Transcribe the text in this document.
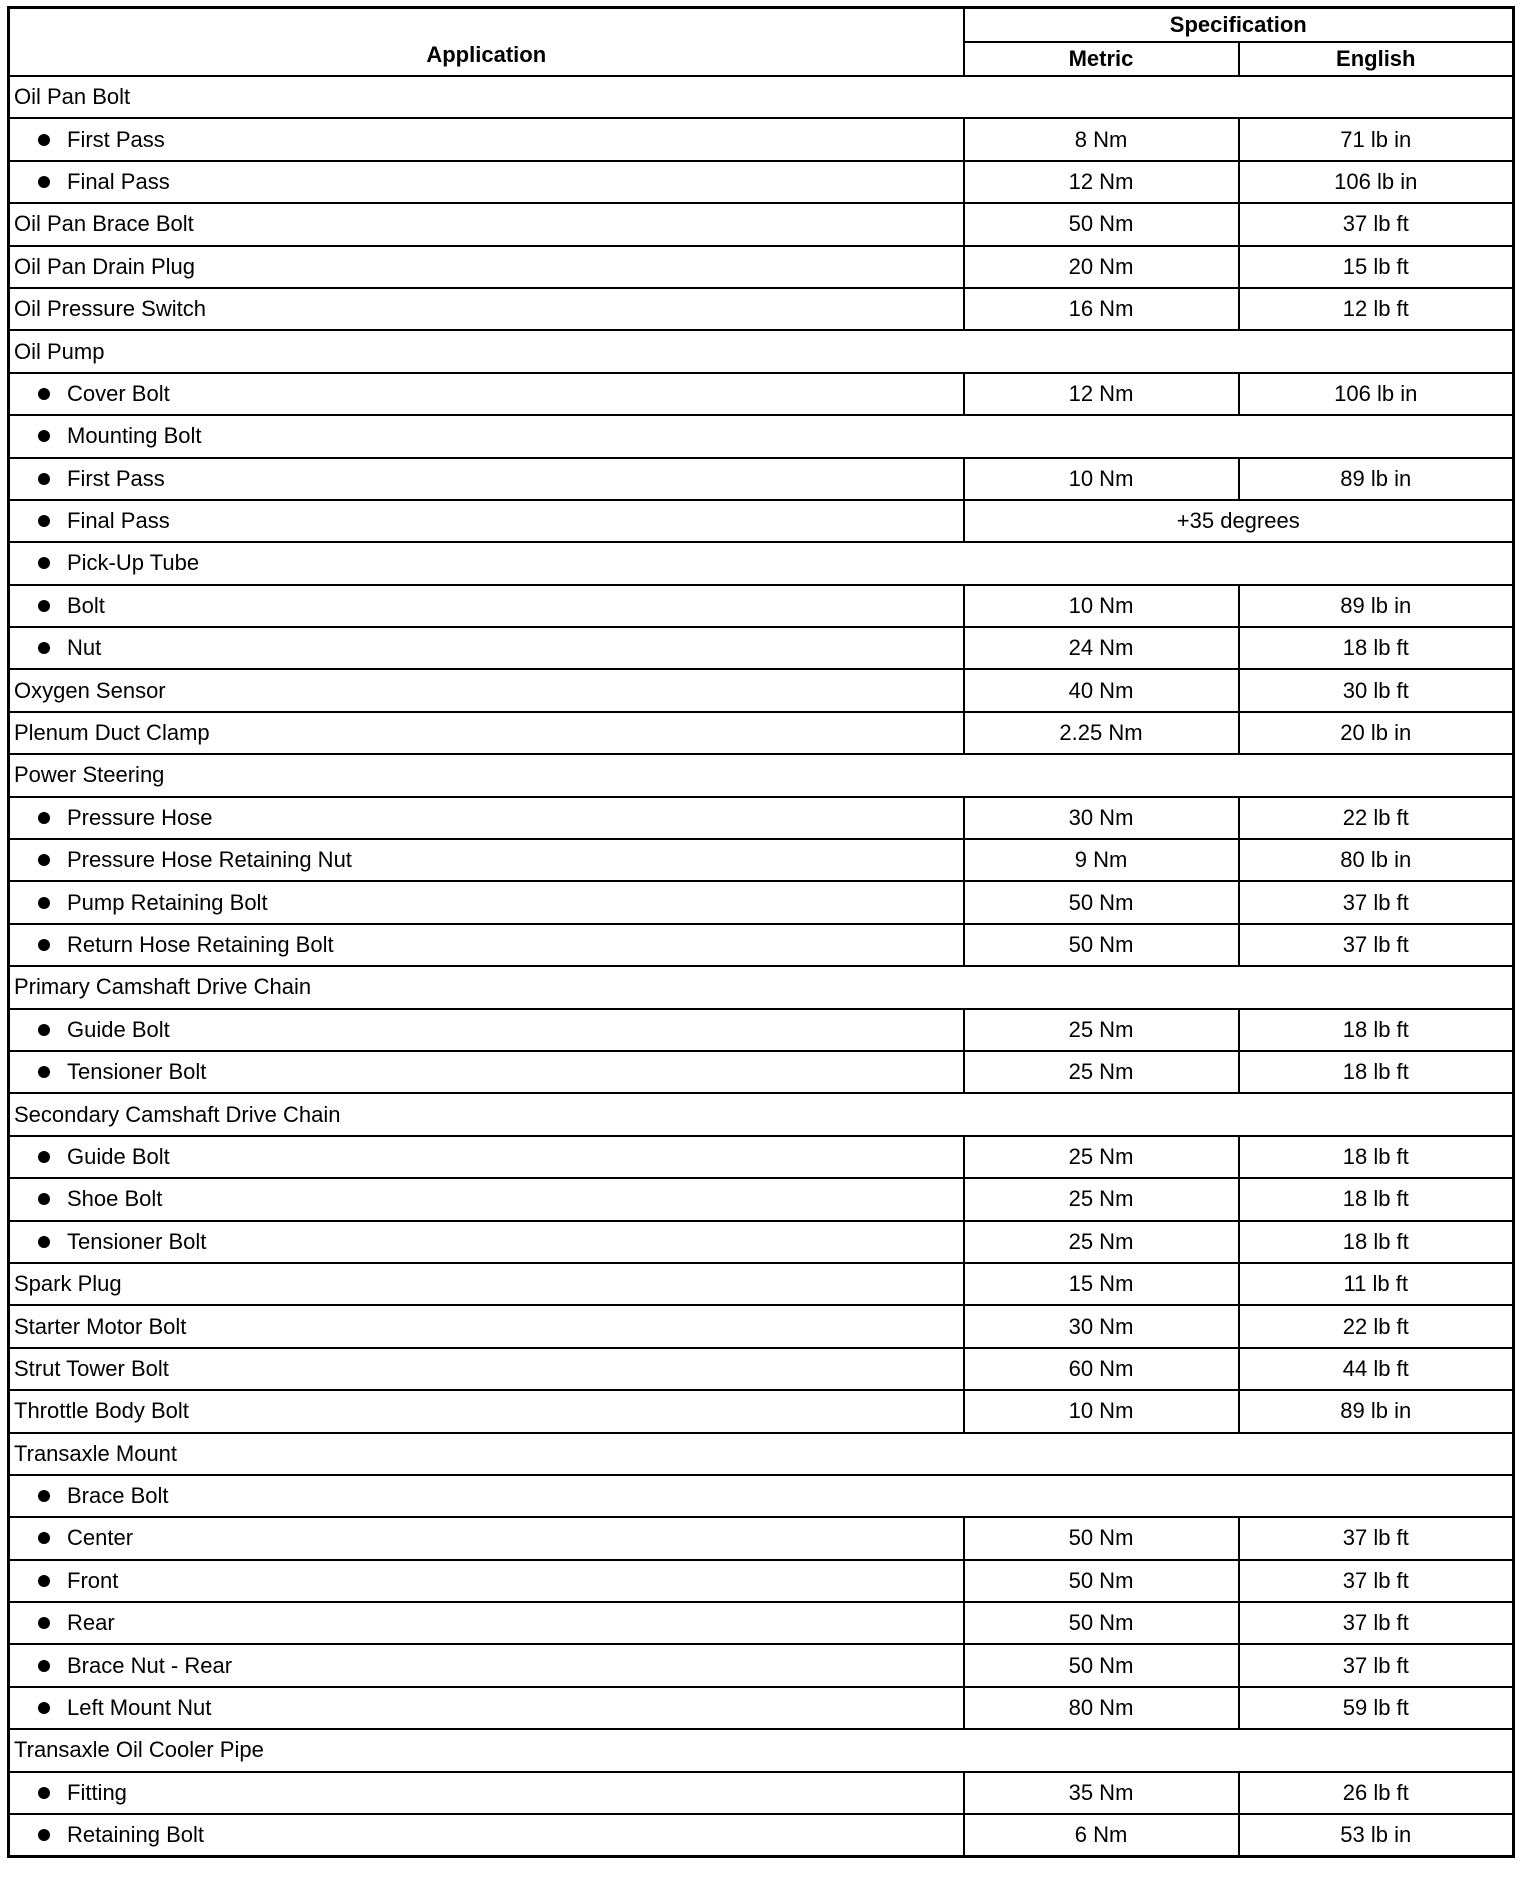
Application	Specification	
	Metric	English
Oil Pan Bolt		
First Pass	8 Nm	71 lb in
Final Pass	12 Nm	106 lb in
Oil Pan Brace Bolt	50 Nm	37 lb ft
Oil Pan Drain Plug	20 Nm	15 lb ft
Oil Pressure Switch	16 Nm	12 lb ft
Oil Pump		
Cover Bolt	12 Nm	106 lb in
Mounting Bolt		
First Pass	10 Nm	89 lb in
Final Pass	+35 degrees	
Pick-Up Tube		
Bolt	10 Nm	89 lb in
Nut	24 Nm	18 lb ft
Oxygen Sensor	40 Nm	30 lb ft
Plenum Duct Clamp	2.25 Nm	20 lb in
Power Steering		
Pressure Hose	30 Nm	22 lb ft
Pressure Hose Retaining Nut	9 Nm	80 lb in
Pump Retaining Bolt	50 Nm	37 lb ft
Return Hose Retaining Bolt	50 Nm	37 lb ft
Primary Camshaft Drive Chain		
Guide Bolt	25 Nm	18 lb ft
Tensioner Bolt	25 Nm	18 lb ft
Secondary Camshaft Drive Chain		
Guide Bolt	25 Nm	18 lb ft
Shoe Bolt	25 Nm	18 lb ft
Tensioner Bolt	25 Nm	18 lb ft
Spark Plug	15 Nm	11 lb ft
Starter Motor Bolt	30 Nm	22 lb ft
Strut Tower Bolt	60 Nm	44 lb ft
Throttle Body Bolt	10 Nm	89 lb in
Transaxle Mount		
Brace Bolt		
Center	50 Nm	37 lb ft
Front	50 Nm	37 lb ft
Rear	50 Nm	37 lb ft
Brace Nut - Rear	50 Nm	37 lb ft
Left Mount Nut	80 Nm	59 lb ft
Transaxle Oil Cooler Pipe		
Fitting	35 Nm	26 lb ft
Retaining Bolt	6 Nm	53 lb in
